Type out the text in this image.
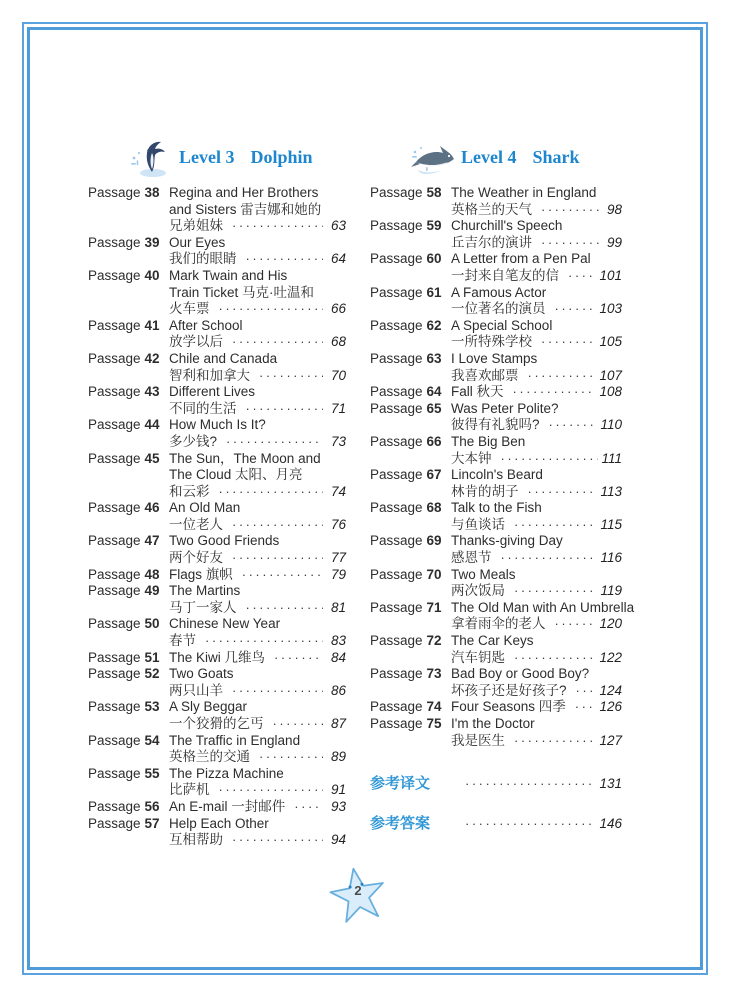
Level 3 Dolphin
Passage 38 Regina and Her Brothers
and Sisters 雷吉娜和她的
兄弟姐妹 ·····	63
Passage 39 Our Eyes
我们的眼睛 ·····	64
Passage 40 Mark Twain and His
Train Ticket 马克·吐温和
火车票 ·····	66
Passage 41 After School
放学以后 ·····	68
Passage 42 Chile and Canada
智利和加拿大 ·····	70
Passage 43 Different Lives
不同的生活 ·····	71
Passage 44 How Much Is It?
多少钱? ·····	73
Passage 45 The Sun，The Moon and
The Cloud 太阳、月亮
和云彩 ·····	74
Passage 46 An Old Man
一位老人 ·····	76
Passage 47 Two Good Friends
两个好友 ·····	77
Passage 48 Flags 旗帜 ·····	79
Passage 49 The Martins
马丁一家人 ·····	81
Passage 50 Chinese New Year
春节 ·····	83
Passage 51 The Kiwi 几维鸟 ·····	84
Passage 52 Two Goats
两只山羊 ·····	86
Passage 53 A Sly Beggar
一个狡猾的乞丐 ·····	87
Passage 54 The Traffic in England
英格兰的交通 ·····	89
Passage 55 The Pizza Machine
比萨机 ·····	91
Passage 56 An E-mail 一封邮件 ·····	93
Passage 57 Help Each Other
互相帮助 ·····	94
Level 4 Shark
Passage 58 The Weather in England
英格兰的天气 ·····	98
Passage 59 Churchill's Speech
丘吉尔的演讲 ·····	99
Passage 60 A Letter from a Pen Pal
一封来自笔友的信 ·····	101
Passage 61 A Famous Actor
一位著名的演员 ·····	103
Passage 62 A Special School
一所特殊学校 ·····	105
Passage 63 I Love Stamps
我喜欢邮票 ·····	107
Passage 64 Fall 秋天 ·····	108
Passage 65 Was Peter Polite?
彼得有礼貌吗? ·····	110
Passage 66 The Big Ben
大本钟 ·····	111
Passage 67 Lincoln's Beard
林肯的胡子 ·····	113
Passage 68 Talk to the Fish
与鱼谈话 ·····	115
Passage 69 Thanks-giving Day
感恩节 ·····	116
Passage 70 Two Meals
两次饭局 ·····	119
Passage 71 The Old Man with An Umbrella
拿着雨伞的老人 ·····	120
Passage 72 The Car Keys
汽车钥匙 ·····	122
Passage 73 Bad Boy or Good Boy?
坏孩子还是好孩子? ····· 124
Passage 74 Four Seasons 四季 ····· 126
Passage 75 I'm the Doctor
我是医生 ·····	127
参考译文 ·····	131
参考答案 ·····	146
2
